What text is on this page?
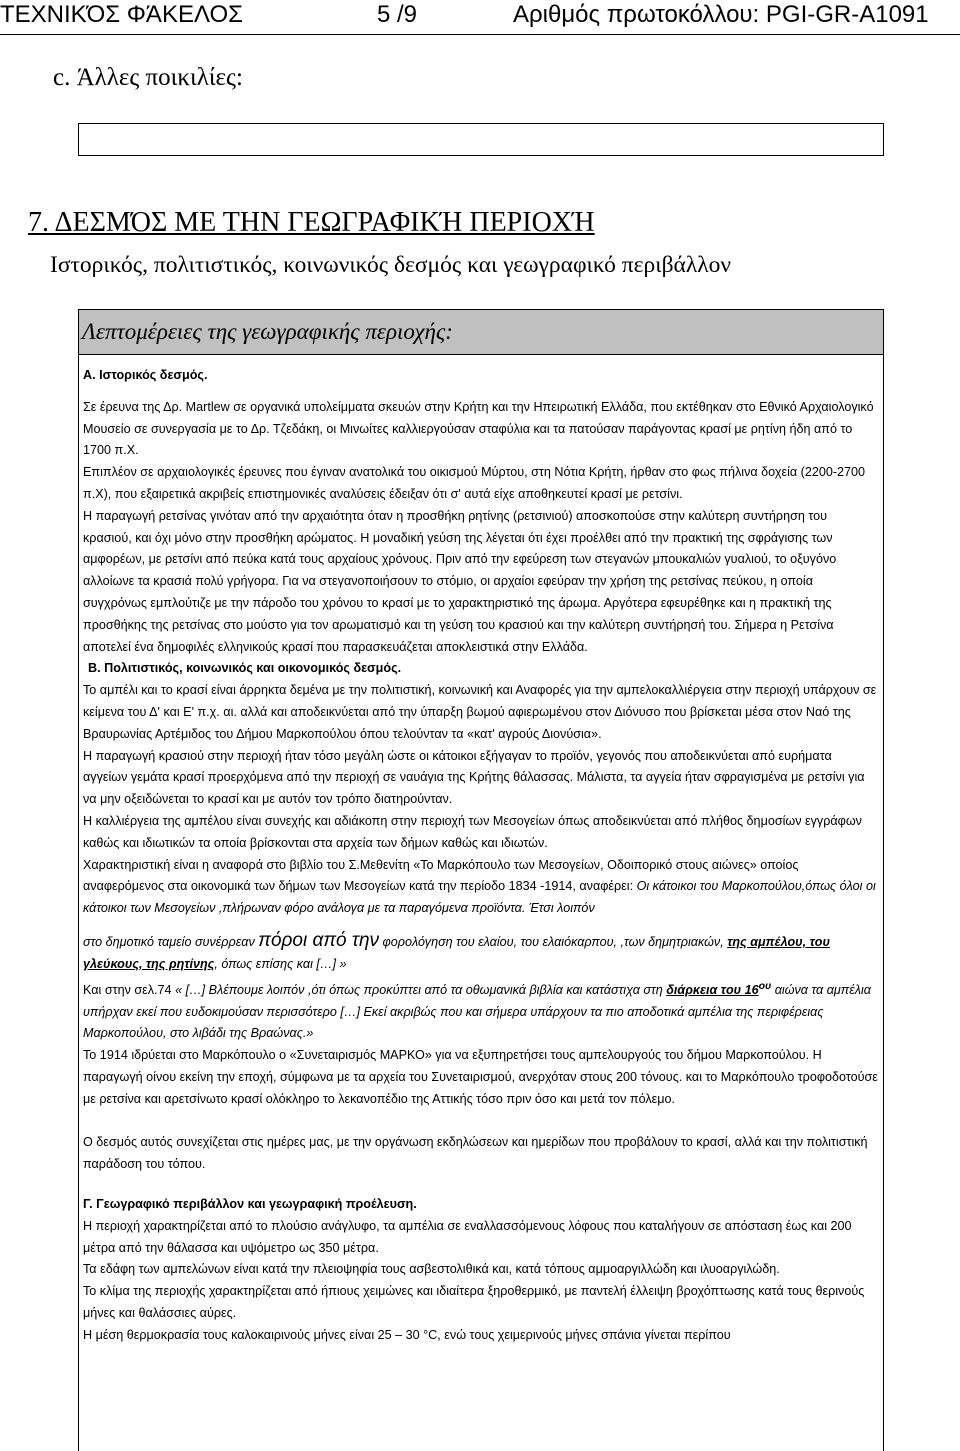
ΤΕΧΝΙΚΌΣ ΦΆΚΕΛΟΣ	5 /9	Αριθμός πρωτοκόλλου: PGI-GR-A1091
c. Άλλες ποικιλίες:
7. ΔΕΣΜΌΣ ΜΕ ΤΗΝ ΓΕΩΓΡΑΦΙΚΉ ΠΕΡΙΟΧΉ
Ιστορικός, πολιτιστικός, κοινωνικός δεσμός και γεωγραφικό περιβάλλον
Λεπτομέρειες της γεωγραφικής περιοχής:

Α. Ιστορικός δεσμός.

Σε έρευνα της Δρ. Martlew σε οργανικά υπολείμματα σκευών στην Κρήτη και την Ηπειρωτική Ελλάδα, που εκτέθηκαν στο Εθνικό Αρχαιολογικό Μουσείο σε συνεργασία με το Δρ. Τζεδάκη, οι Μινωίτες καλλιεργούσαν σταφύλια και τα πατούσαν παράγοντας κρασί με ρητίνη ήδη από το 1700 π.Χ.

Επιπλέον σε αρχαιολογικές έρευνες που έγιναν ανατολικά του οικισμού Μύρτου, στη Νότια Κρήτη, ήρθαν στο φως πήλινα δοχεία (2200-2700 π.Χ), που εξαιρετικά ακριβείς επιστημονικές αναλύσεις έδειξαν ότι σ' αυτά είχε αποθηκευτεί κρασί με ρετσίνι.

Η παραγωγή ρετσίνας γινόταν από την αρχαιότητα όταν η προσθήκη ρητίνης (ρετσινιού) αποσκοπούσε στην καλύτερη συντήρηση του κρασιού, και όχι μόνο στην προσθήκη αρώματος. Η μοναδική γεύση της λέγεται ότι έχει προέλθει από την πρακτική της σφράγισης των αμφορέων, με ρετσίνι από πεύκα κατά τους αρχαίους χρόνους. Πριν από την εφεύρεση των στεγανών μπουκαλιών γυαλιού, το οξυγόνο αλλοίωνε τα κρασιά πολύ γρήγορα. Για να στεγανοποιήσουν το στόμιο, οι αρχαίοι εφεύραν την χρήση της ρετσίνας πεύκου, η οποία συγχρόνως εμπλούτιζε με την πάροδο του χρόνου το κρασί με το χαρακτηριστικό της άρωμα. Αργότερα εφευρέθηκε και η πρακτική της προσθήκης της ρετσίνας στο μούστο για τον αρωματισμό και τη γεύση του κρασιού και την καλύτερη συντήρησή του. Σήμερα η Ρετσίνα αποτελεί ένα δημοφιλές ελληνικούς κρασί που παρασκευάζεται αποκλειστικά στην Ελλάδα.

Β. Πολιτιστικός, κοινωνικός και οικονομικός δεσμός.

Το αμπέλι και το κρασί είναι άρρηκτα δεμένα με την πολιτιστική, κοινωνική και Αναφορές για την αμπελοκαλλιέργεια στην περιοχή υπάρχουν σε κείμενα του Δ' και Ε' π.χ. αι. αλλά και αποδεικνύεται από την ύπαρξη βωμού αφιερωμένου στον Διόνυσο που βρίσκεται μέσα στον Ναό της Βραυρωνίας Αρτέμιδος του Δήμου Μαρκοπούλου όπου τελούνταν τα «κατ' αγρούς Διονύσια».

Η παραγωγή κρασιού στην περιοχή ήταν τόσο μεγάλη ώστε οι κάτοικοι εξήγαγαν το προϊόν, γεγονός που αποδεικνύεται από ευρήματα αγγείων γεμάτα κρασί προερχόμενα από την περιοχή σε ναυάγια της Κρήτης θάλασσας. Μάλιστα, τα αγγεία ήταν σφραγισμένα με ρετσίνι για να μην οξειδώνεται το κρασί και με αυτόν τον τρόπο διατηρούνταν.

Η καλλιέργεια της αμπέλου είναι συνεχής και αδιάκοπη στην περιοχή των Μεσογείων όπως αποδεικνύεται από πλήθος δημοσίων εγγράφων καθώς και ιδιωτικών τα οποία βρίσκονται στα αρχεία των δήμων καθώς και ιδιωτών.

Χαρακτηριστική είναι η αναφορά στο βιβλίο του Σ.Μεθενίτη «Το Μαρκόπουλο των Μεσογείων, Οδοιπορικό στους αιώνες» οποίος αναφερόμενος στα οικονομικά των δήμων των Μεσογείων κατά την περίοδο 1834 -1914, αναφέρει: Οι κάτοικοι του Μαρκοπούλου,όπως όλοι οι κάτοικοι των Μεσογείων ,πλήρωναν φόρο ανάλογα με τα παραγόμενα προϊόντα. Έτσι λοιπόν

στο δημοτικό ταμείο συνέρρεαν πόροι από την φορολόγηση του ελαίου, του ελαιόκαρπου, ,των δημητριακών, της αμπέλου, του γλεύκους, της ρητίνης, όπως επίσης και […] »

Και στην σελ.74 « […] Βλέπουμε λοιπόν ,ότι όπως προκύπτει από τα οθωμανικά βιβλία και κατάστιχα στη διάρκεια του $16^{o\upsilon}$ αιώνα τα αμπέλια υπήρχαν εκεί που ευδοκιμούσαν περισσότερο […] Εκεί ακριβώς που και σήμερα υπάρχουν τα πιο αποδοτικά αμπέλια της περιφέρειας Μαρκοπούλου, στο λιβάδι της Βραώνας.»

Το 1914 ιδρύεται στο Μαρκόπουλο ο «Συνεταιρισμός ΜΑΡΚΟ» για να εξυπηρετήσει τους αμπελουργούς του δήμου Μαρκοπούλου. Η παραγωγή οίνου εκείνη την εποχή, σύμφωνα με τα αρχεία του Συνεταιρισμού, ανερχόταν στους 200 τόνους. και το Μαρκόπουλο τροφοδοτούσε με ρετσίνα και αρετσίνωτο κρασί ολόκληρο το λεκανοπέδιο της Αττικής τόσο πριν όσο και μετά τον πόλεμο.

Ο δεσμός αυτός συνεχίζεται στις ημέρες μας, με την οργάνωση εκδηλώσεων και ημερίδων που προβάλουν το κρασί, αλλά και την πολιτιστική παράδοση του τόπου.

Γ. Γεωγραφικό περιβάλλον και γεωγραφική προέλευση.

Η περιοχή χαρακτηρίζεται από το πλούσιο ανάγλυφο, τα αμπέλια σε εναλλασσόμενους λόφους που καταλήγουν σε απόσταση έως και 200 μέτρα από την θάλασσα και υψόμετρο ως 350 μέτρα.

Τα εδάφη των αμπελώνων είναι κατά την πλειοψηφία τους ασβεστολιθικά και, κατά τόπους αμμοαργιλλώδη και ιλυοαργιλώδη.

Το κλίμα της περιοχής χαρακτηρίζεται από ήπιους χειμώνες και ιδιαίτερα ξηροθερμικό, με παντελή έλλειψη βροχόπτωσης κατά τους θερινούς μήνες και θαλάσσιες αύρες.

Η μέση θερμοκρασία τους καλοκαιρινούς μήνες είναι 25 – 30 °C, ενώ τους χειμερινούς μήνες σπάνια γίνεται περίπου
